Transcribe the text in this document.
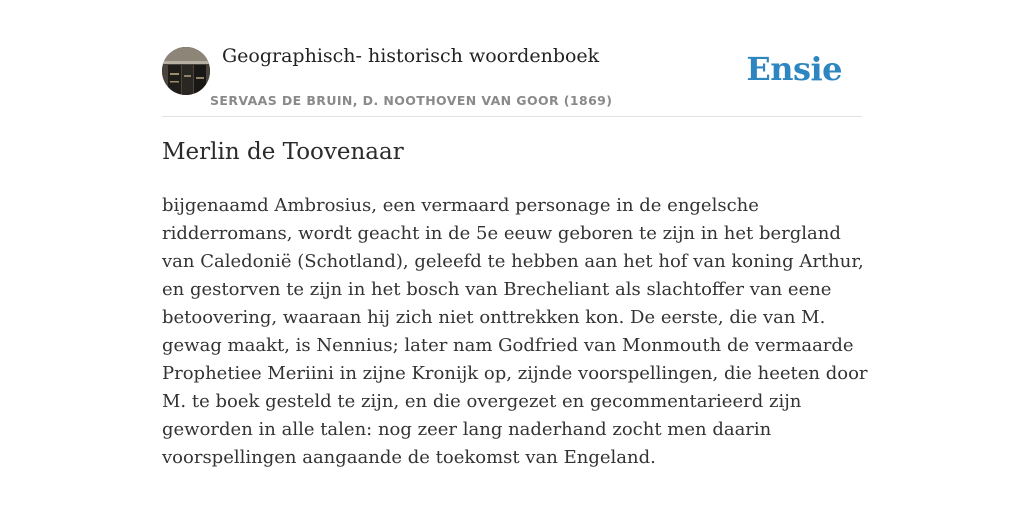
Geographisch- historisch woordenboek
SERVAAS DE BRUIN, D. NOOTHOVEN VAN GOOR (1869)
Ensie
Merlin de Toovenaar

bijgenaamd Ambrosius, een vermaard personage in de engelsche ridderromans, wordt geacht in de 5e eeuw geboren te zijn in het bergland van Caledonië (Schotland), geleefd te hebben aan het hof van koning Arthur, en gestorven te zijn in het bosch van Brecheliant als slachtoffer van eene betoovering, waaraan hij zich niet onttrekken kon. De eerste, die van M. gewag maakt, is Nennius; later nam Godfried van Monmouth de vermaarde Prophetiee Meriini in zijne Kronijk op, zijnde voorspellingen, die heeten door M. te boek gesteld te zijn, en die overgezet en gecommentarieerd zijn geworden in alle talen: nog zeer lang naderhand zocht men daarin voorspellingen aangaande de toekomst van Engeland.
